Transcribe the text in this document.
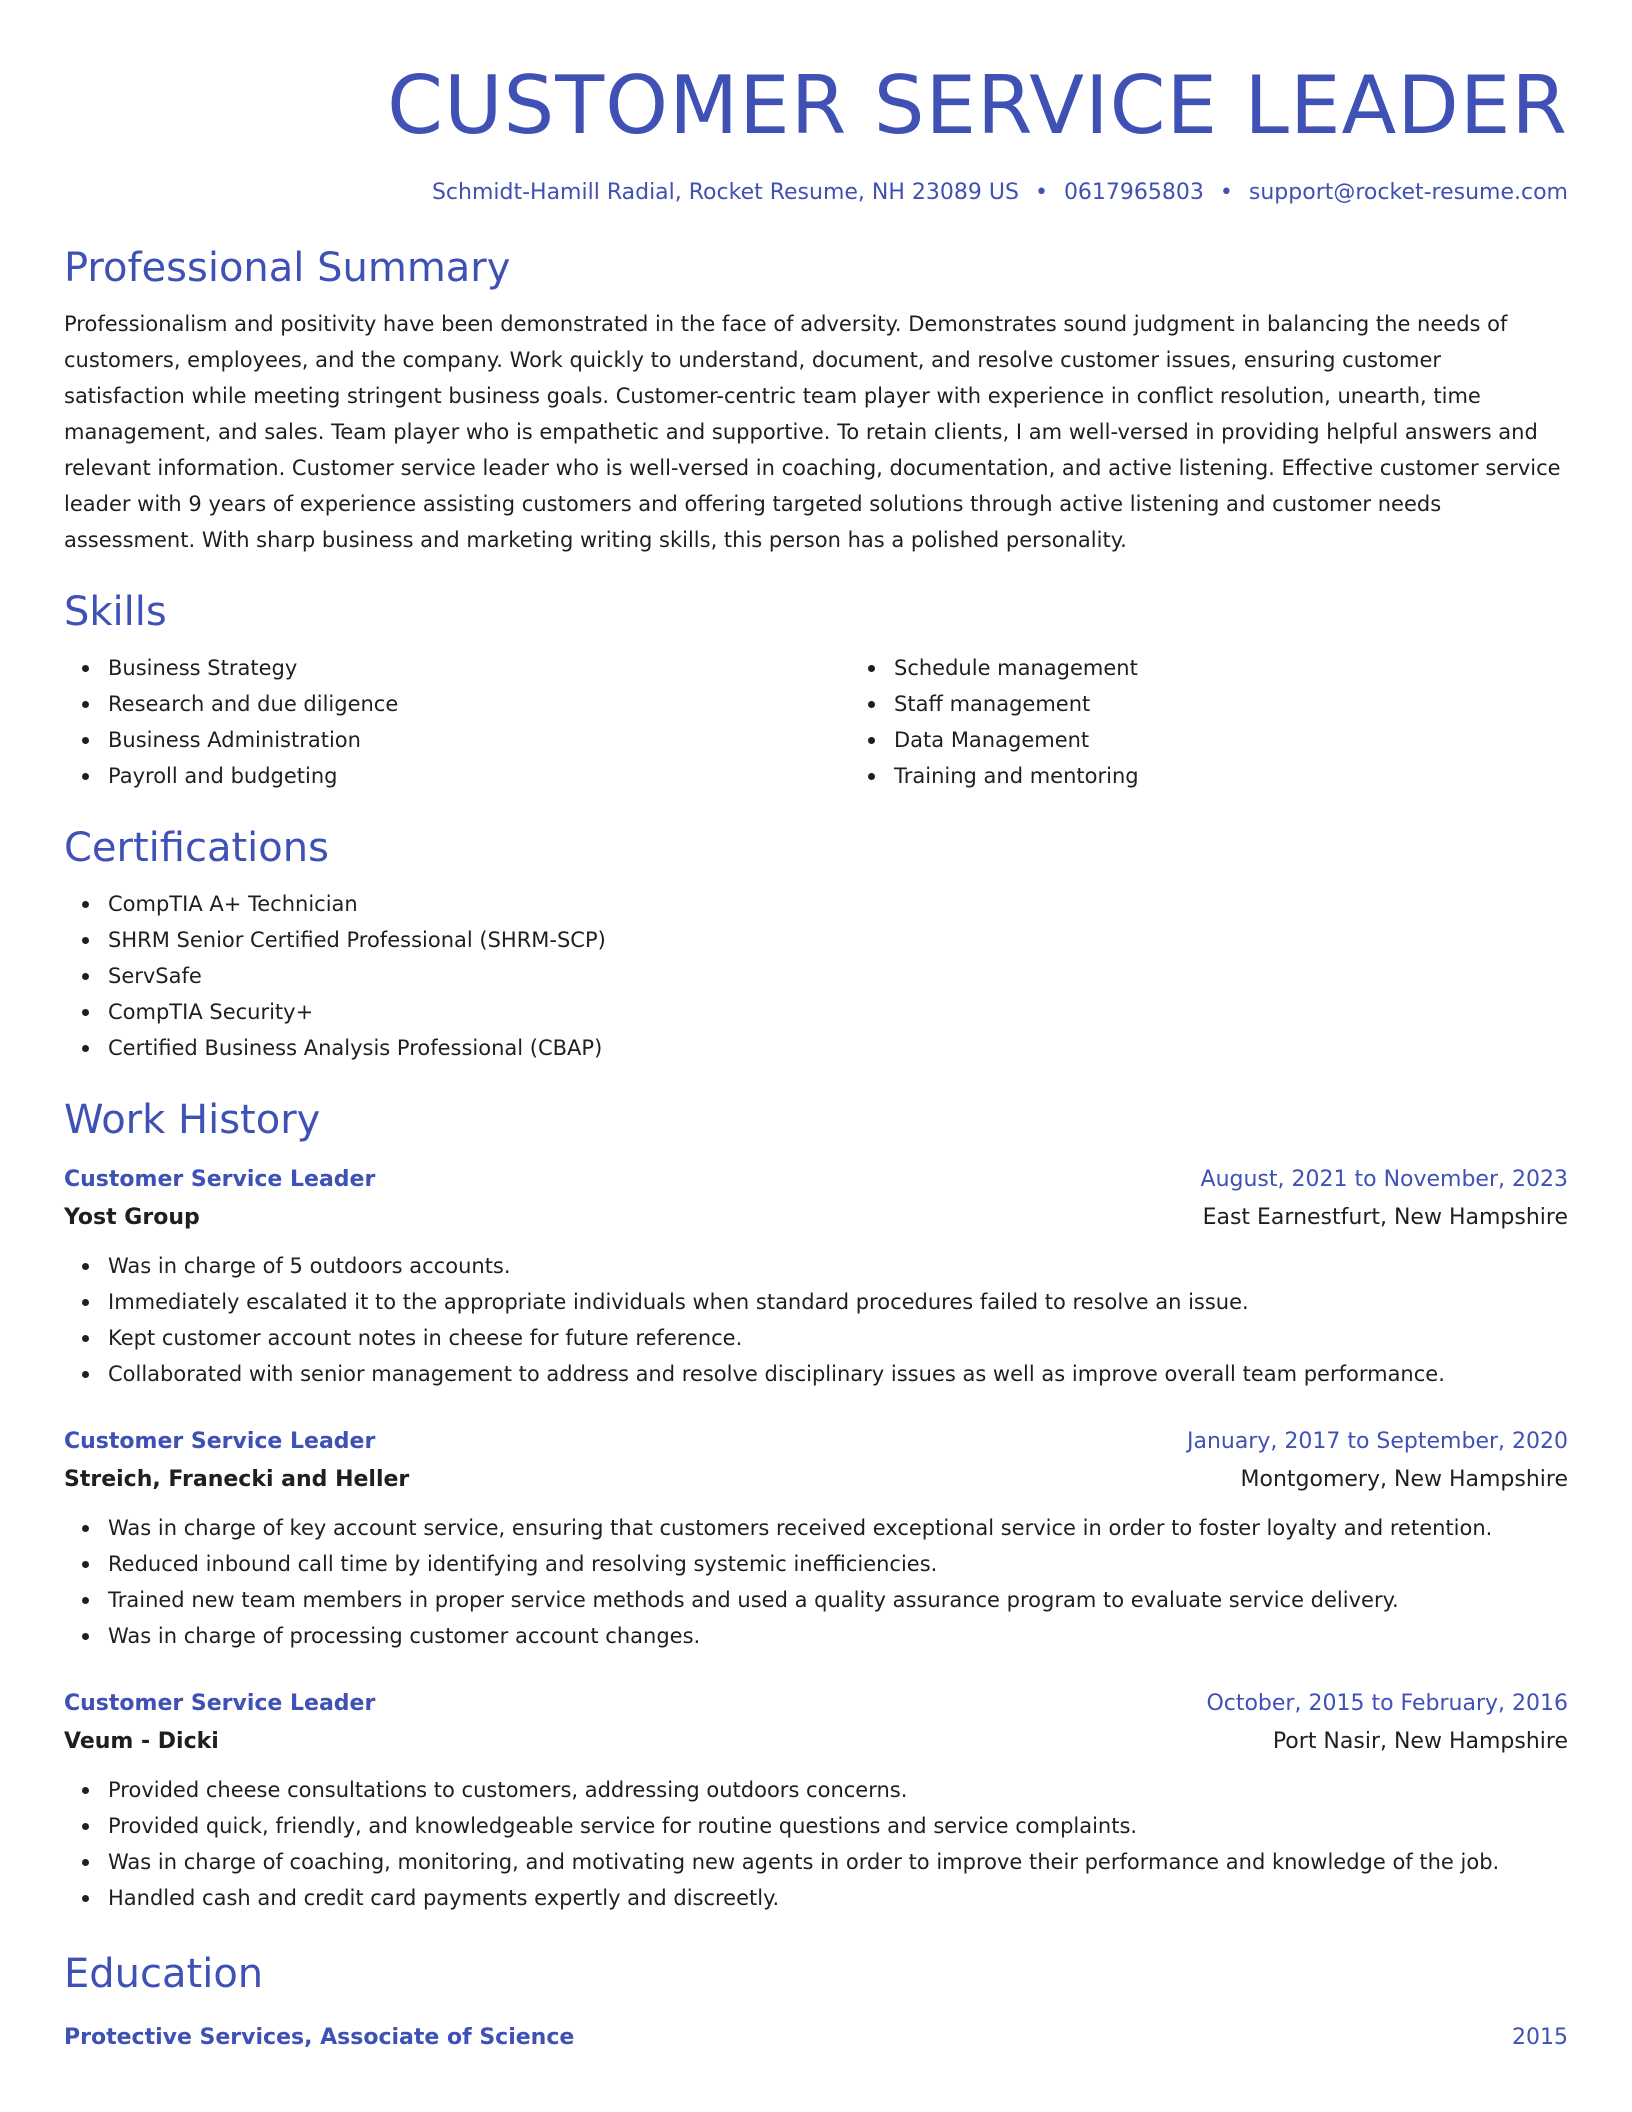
CUSTOMER SERVICE LEADER
Schmidt-Hamill Radial, Rocket Resume, NH 23089 US • 0617965803 • support@rocket-resume.com
Professional Summary
Professionalism and positivity have been demonstrated in the face of adversity. Demonstrates sound judgment in balancing the needs of customers, employees, and the company. Work quickly to understand, document, and resolve customer issues, ensuring customer satisfaction while meeting stringent business goals. Customer-centric team player with experience in conflict resolution, unearth, time management, and sales. Team player who is empathetic and supportive. To retain clients, I am well-versed in providing helpful answers and relevant information. Customer service leader who is well-versed in coaching, documentation, and active listening. Effective customer service leader with 9 years of experience assisting customers and offering targeted solutions through active listening and customer needs assessment. With sharp business and marketing writing skills, this person has a polished personality.
Skills
Business Strategy
Research and due diligence
Business Administration
Payroll and budgeting
Schedule management
Staff management
Data Management
Training and mentoring
Certifications
CompTIA A+ Technician
SHRM Senior Certified Professional (SHRM-SCP)
ServSafe
CompTIA Security+
Certified Business Analysis Professional (CBAP)
Work History
Customer Service Leader	August, 2021 to November, 2023
Yost Group	East Earnestfurt, New Hampshire
Was in charge of 5 outdoors accounts.
Immediately escalated it to the appropriate individuals when standard procedures failed to resolve an issue.
Kept customer account notes in cheese for future reference.
Collaborated with senior management to address and resolve disciplinary issues as well as improve overall team performance.
Customer Service Leader	January, 2017 to September, 2020
Streich, Franecki and Heller	Montgomery, New Hampshire
Was in charge of key account service, ensuring that customers received exceptional service in order to foster loyalty and retention.
Reduced inbound call time by identifying and resolving systemic inefficiencies.
Trained new team members in proper service methods and used a quality assurance program to evaluate service delivery.
Was in charge of processing customer account changes.
Customer Service Leader	October, 2015 to February, 2016
Veum - Dicki	Port Nasir, New Hampshire
Provided cheese consultations to customers, addressing outdoors concerns.
Provided quick, friendly, and knowledgeable service for routine questions and service complaints.
Was in charge of coaching, monitoring, and motivating new agents in order to improve their performance and knowledge of the job.
Handled cash and credit card payments expertly and discreetly.
Education
Protective Services, Associate of Science	2015
